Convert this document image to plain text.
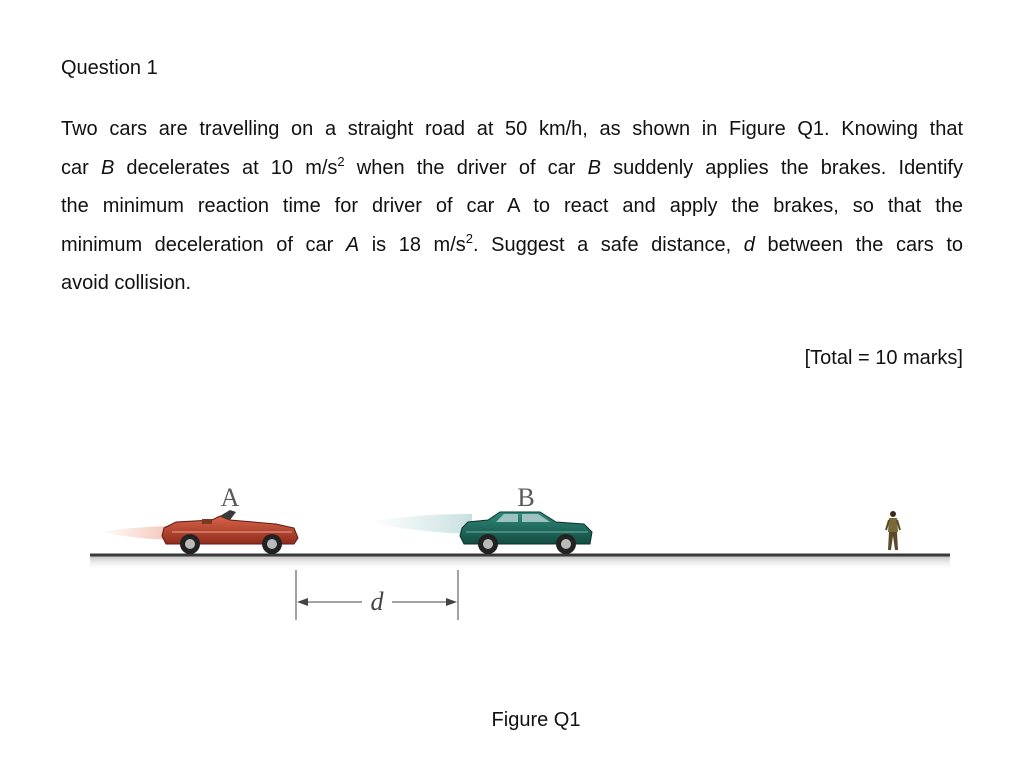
Question 1
Two cars are travelling on a straight road at 50 km/h, as shown in Figure Q1. Knowing that
car B decelerates at 10 $m/s^2$ when the driver of car B suddenly applies the brakes. Identify
the minimum reaction time for driver of car A to react and apply the brakes, so that the
minimum deceleration of car A is 18 $m/s^2$. Suggest a safe distance, d between the cars to
avoid collision.
[Total = 10 marks]
A	B
d
Figure Q1
